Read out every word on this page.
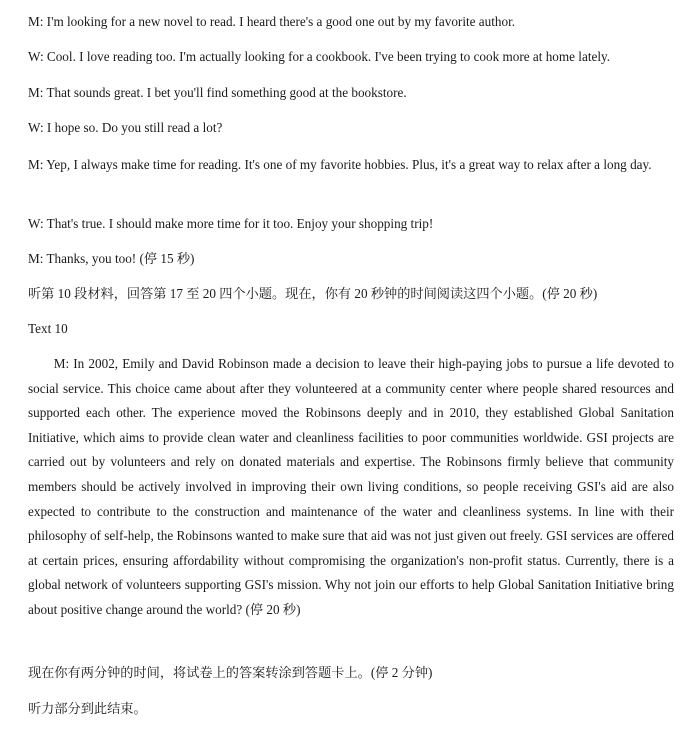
M: I'm looking for a new novel to read. I heard there's a good one out by my favorite author.
W: Cool. I love reading too. I'm actually looking for a cookbook. I've been trying to cook more at home lately.
M: That sounds great. I bet you'll find something good at the bookstore.
W: I hope so. Do you still read a lot?
M: Yep, I always make time for reading. It's one of my favorite hobbies. Plus, it's a great way to relax after a long day.
W: That's true. I should make more time for it too. Enjoy your shopping trip!
M: Thanks, you too! (停 15 秒)
听第 10 段材料，回答第 17 至 20 四个小题。现在，你有 20 秒钟的时间阅读这四个小题。(停 20 秒)
Text 10
M: In 2002, Emily and David Robinson made a decision to leave their high-paying jobs to pursue a life devoted to social service. This choice came about after they volunteered at a community center where people shared resources and supported each other. The experience moved the Robinsons deeply and in 2010, they established Global Sanitation Initiative, which aims to provide clean water and cleanliness facilities to poor communities worldwide. GSI projects are carried out by volunteers and rely on donated materials and expertise. The Robinsons firmly believe that community members should be actively involved in improving their own living conditions, so people receiving GSI's aid are also expected to contribute to the construction and maintenance of the water and cleanliness systems. In line with their philosophy of self-help, the Robinsons wanted to make sure that aid was not just given out freely. GSI services are offered at certain prices, ensuring affordability without compromising the organization's non-profit status. Currently, there is a global network of volunteers supporting GSI's mission. Why not join our efforts to help Global Sanitation Initiative bring about positive change around the world? (停 20 秒)
现在你有两分钟的时间，将试卷上的答案转涂到答题卡上。(停 2 分钟)
听力部分到此结束。
